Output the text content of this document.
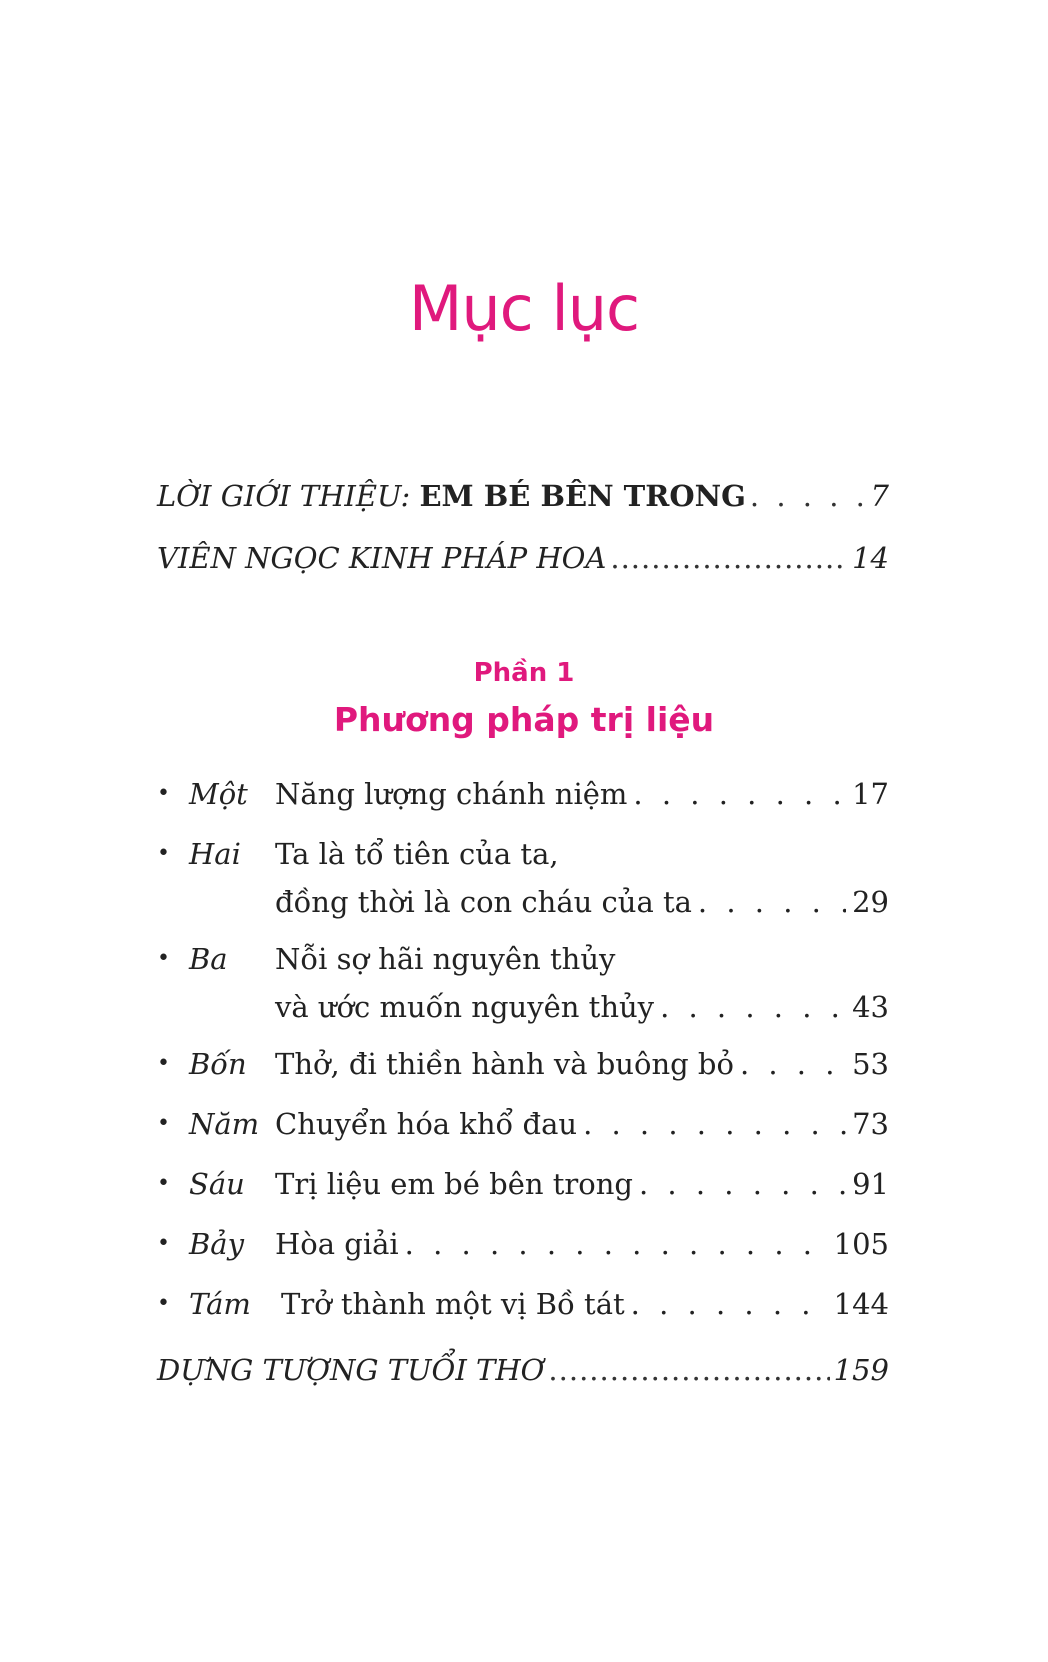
Mục lục
LỜI GIỚI THIỆU: EM BÉ BÊN TRONG . . .	7
VIÊN NGỌC KINH PHÁP HOA .....	14
Phần 1
Phương pháp trị liệu
• Một Năng lượng chánh niệm . . .	17
• Hai Ta là tổ tiên của ta,
đồng thời là con cháu của ta . . .	29
• Ba Nỗi sợ hãi nguyên thủy
và ước muốn nguyên thủy . . .	43
• Bốn Thở, đi thiền hành và buông bỏ . . .	53
• Năm Chuyển hóa khổ đau . . .	73
• Sáu Trị liệu em bé bên trong . . .	91
• Bảy Hòa giải . . .	105
• Tám Trở thành một vị Bồ tát . . .	144
DỰNG TƯỢNG TUỔI THƠ .....	159
